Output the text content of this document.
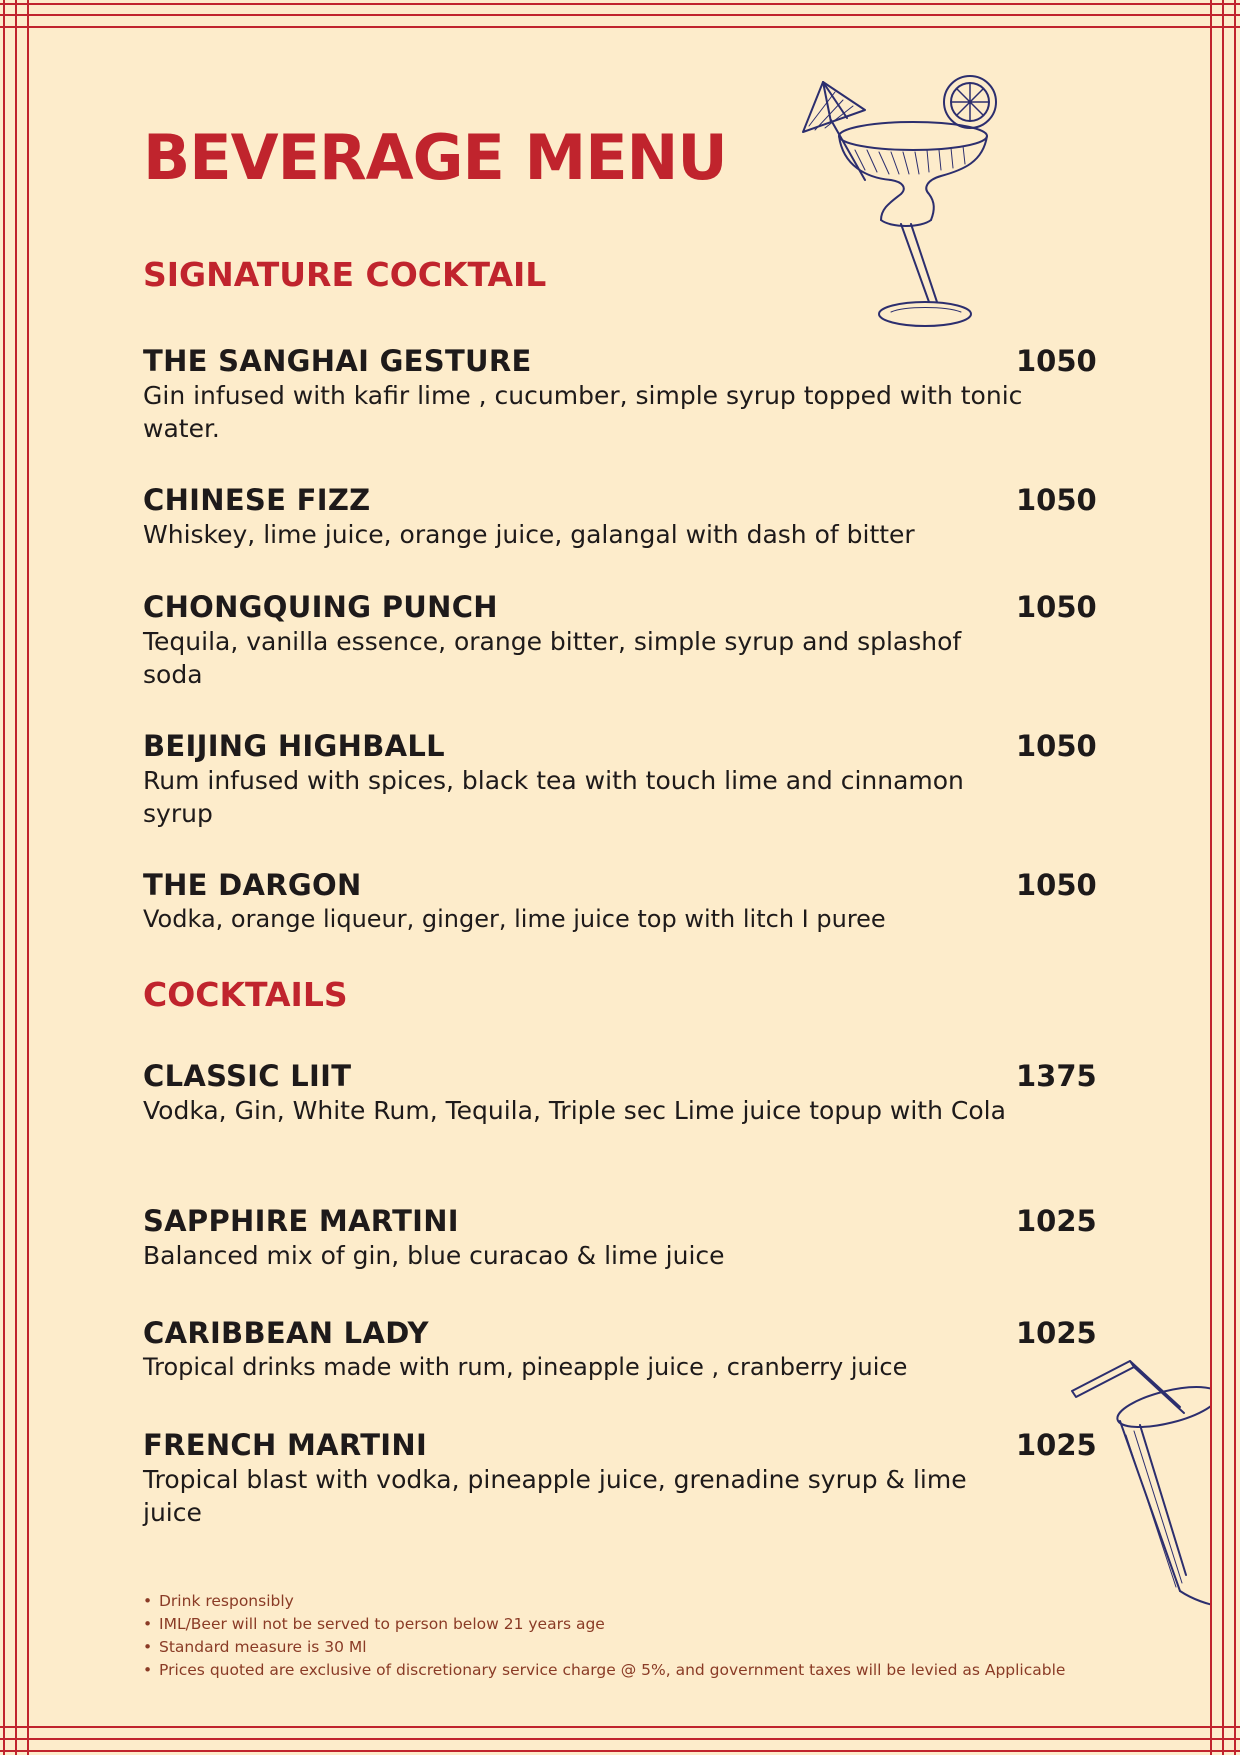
BEVERAGE MENU
SIGNATURE COCKTAIL
THE SANGHAI GESTURE	1050
Gin infused with kafir lime , cucumber, simple syrup topped with tonic water.
CHINESE FIZZ	1050
Whiskey, lime juice, orange juice, galangal with dash of bitter
CHONGQUING PUNCH	1050
Tequila, vanilla essence, orange bitter, simple syrup and splashof soda
BEIJING HIGHBALL	1050
Rum infused with spices, black tea with touch lime and cinnamon syrup
THE DARGON	1050
Vodka, orange liqueur, ginger, lime juice top with litch I puree
COCKTAILS
CLASSIC LIIT	1375
Vodka, Gin, White Rum, Tequila, Triple sec Lime juice topup with Cola
SAPPHIRE MARTINI	1025
Balanced mix of gin, blue curacao & lime juice
CARIBBEAN LADY	1025
Tropical drinks made with rum, pineapple juice , cranberry juice
FRENCH MARTINI	1025
Tropical blast with vodka, pineapple juice, grenadine syrup & lime juice
• Drink responsibly
• IML/Beer will not be served to person below 21 years age
• Standard measure is 30 Ml
• Prices quoted are exclusive of discretionary service charge @ 5%, and government taxes will be levied as Applicable
